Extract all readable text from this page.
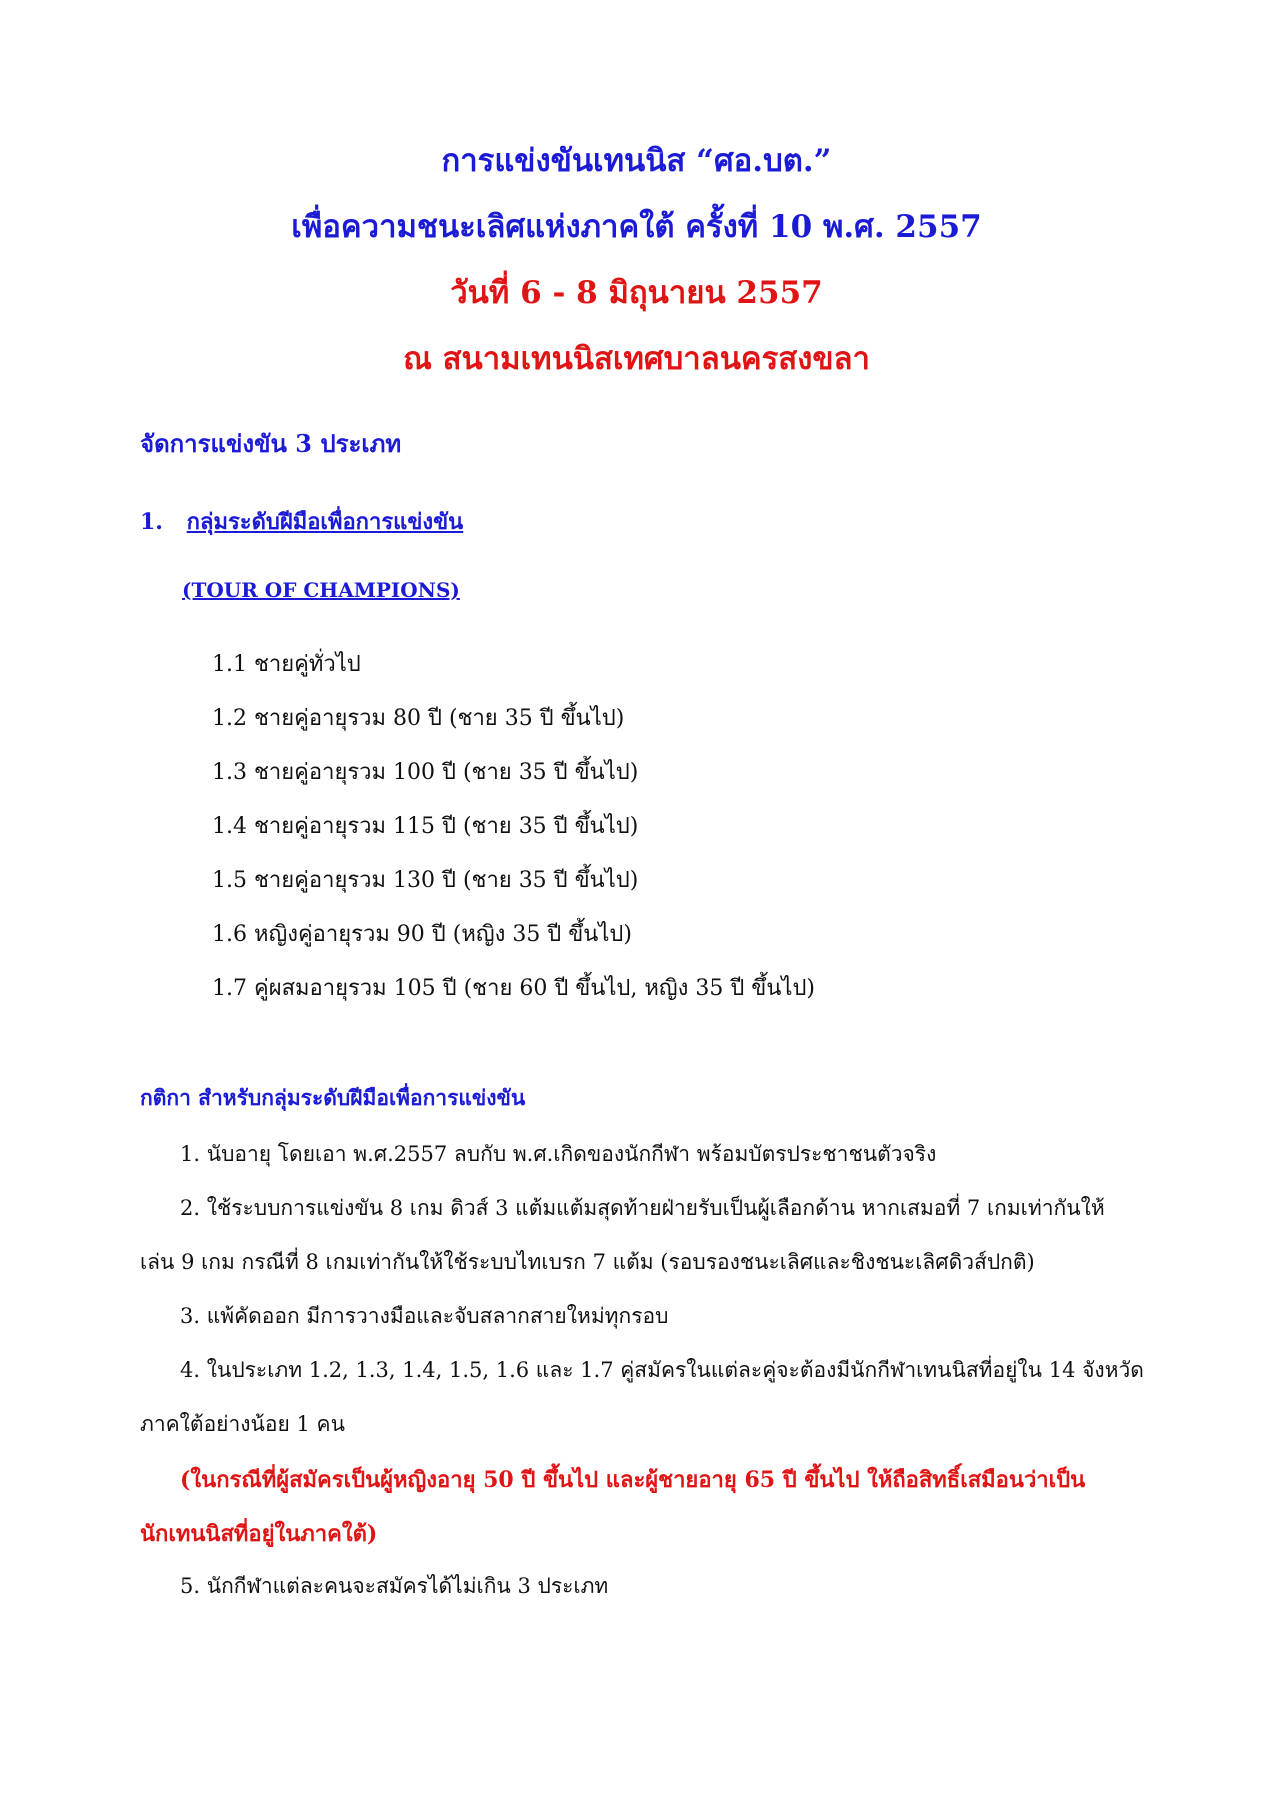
การแข่งขันเทนนิส “ศอ.บต.”
เพื่อความชนะเลิศแห่งภาคใต้ ครั้งที่ 10 พ.ศ. 2557
วันที่ 6 - 8 มิถุนายน 2557
ณ สนามเทนนิสเทศบาลนครสงขลา
จัดการแข่งขัน 3 ประเภท
1. กลุ่มระดับฝีมือเพื่อการแข่งขัน
(TOUR OF CHAMPIONS)
1.1 ชายคู่ทั่วไป
1.2 ชายคู่อายุรวม 80 ปี (ชาย 35 ปี ขึ้นไป)
1.3 ชายคู่อายุรวม 100 ปี (ชาย 35 ปี ขึ้นไป)
1.4 ชายคู่อายุรวม 115 ปี (ชาย 35 ปี ขึ้นไป)
1.5 ชายคู่อายุรวม 130 ปี (ชาย 35 ปี ขึ้นไป)
1.6 หญิงคู่อายุรวม 90 ปี (หญิง 35 ปี ขึ้นไป)
1.7 คู่ผสมอายุรวม 105 ปี (ชาย 60 ปี ขึ้นไป, หญิง 35 ปี ขึ้นไป)
กติกา สำหรับกลุ่มระดับฝีมือเพื่อการแข่งขัน
1. นับอายุ โดยเอา พ.ศ.2557 ลบกับ พ.ศ.เกิดของนักกีฬา พร้อมบัตรประชาชนตัวจริง
2. ใช้ระบบการแข่งขัน 8 เกม ดิวส์ 3 แต้มแต้มสุดท้ายฝ่ายรับเป็นผู้เลือกด้าน หากเสมอที่ 7 เกมเท่ากันให้
เล่น 9 เกม กรณีที่ 8 เกมเท่ากันให้ใช้ระบบไทเบรก 7 แต้ม (รอบรองชนะเลิศและชิงชนะเลิศดิวส์ปกติ)
3. แพ้คัดออก มีการวางมือและจับสลากสายใหม่ทุกรอบ
4. ในประเภท 1.2, 1.3, 1.4, 1.5, 1.6 และ 1.7 คู่สมัครในแต่ละคู่จะต้องมีนักกีฬาเทนนิสที่อยู่ใน 14 จังหวัด
ภาคใต้อย่างน้อย 1 คน
(ในกรณีที่ผู้สมัครเป็นผู้หญิงอายุ 50 ปี ขึ้นไป และผู้ชายอายุ 65 ปี ขึ้นไป ให้ถือสิทธิ์เสมือนว่าเป็น
นักเทนนิสที่อยู่ในภาคใต้)
5. นักกีฬาแต่ละคนจะสมัครได้ไม่เกิน 3 ประเภท
